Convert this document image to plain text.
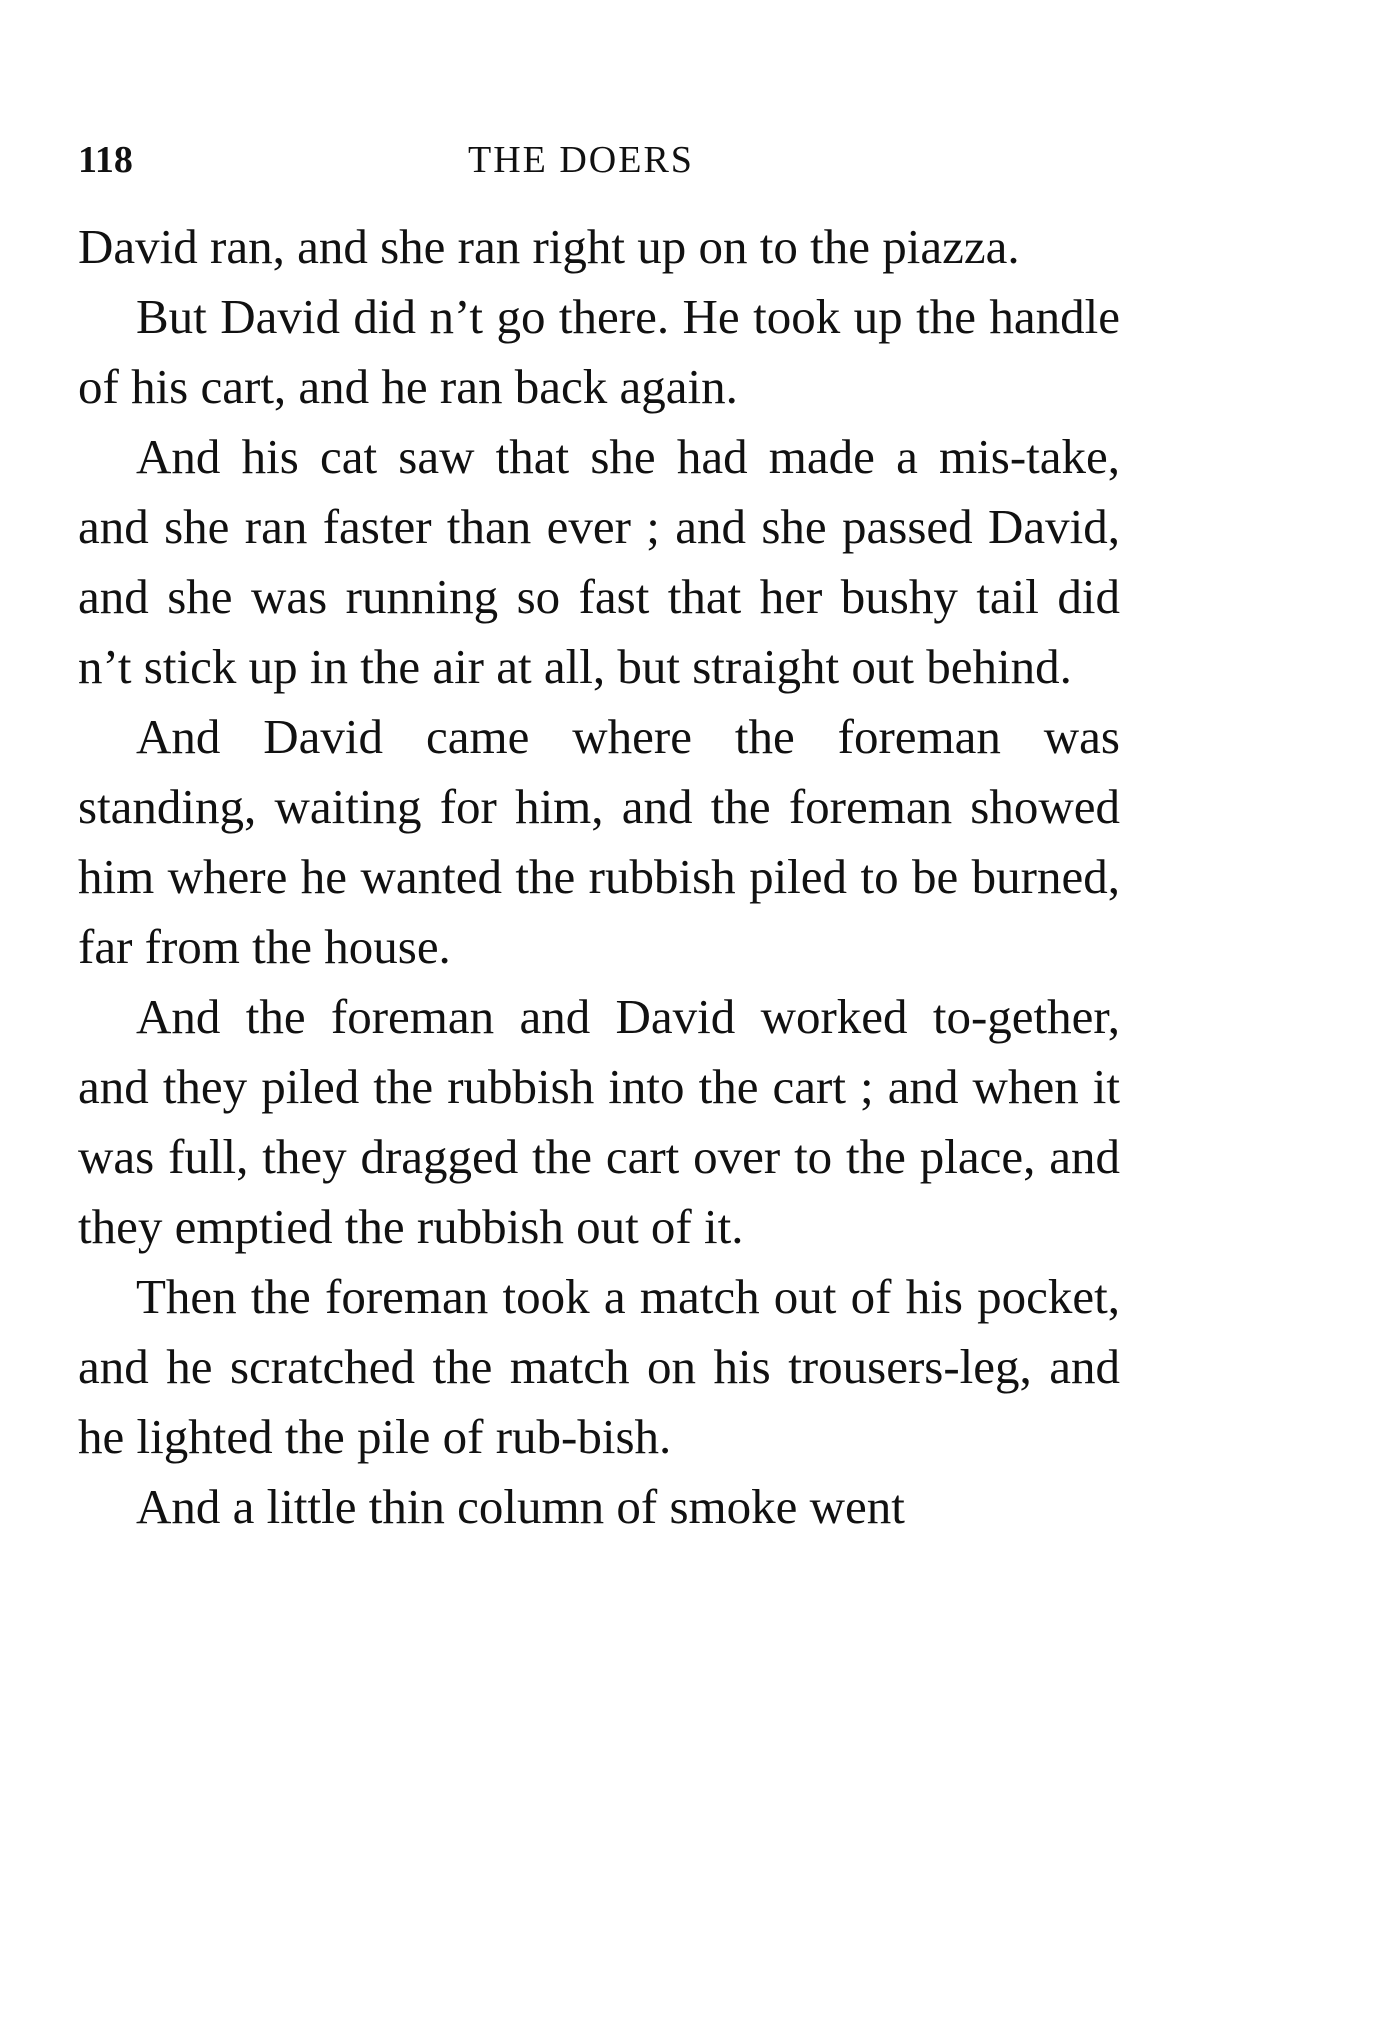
118	THE DOERS

David ran, and she ran right up on to the piazza.

But David did n’t go there. He took up the handle of his cart, and he ran back again.

And his cat saw that she had made a mis-take, and she ran faster than ever ; and she passed David, and she was running so fast that her bushy tail did n’t stick up in the air at all, but straight out behind.

And David came where the foreman was standing, waiting for him, and the foreman showed him where he wanted the rubbish piled to be burned, far from the house.

And the foreman and David worked to-gether, and they piled the rubbish into the cart ; and when it was full, they dragged the cart over to the place, and they emptied the rubbish out of it.

Then the foreman took a match out of his pocket, and he scratched the match on his trousers-leg, and he lighted the pile of rub-bish.

And a little thin column of smoke went
